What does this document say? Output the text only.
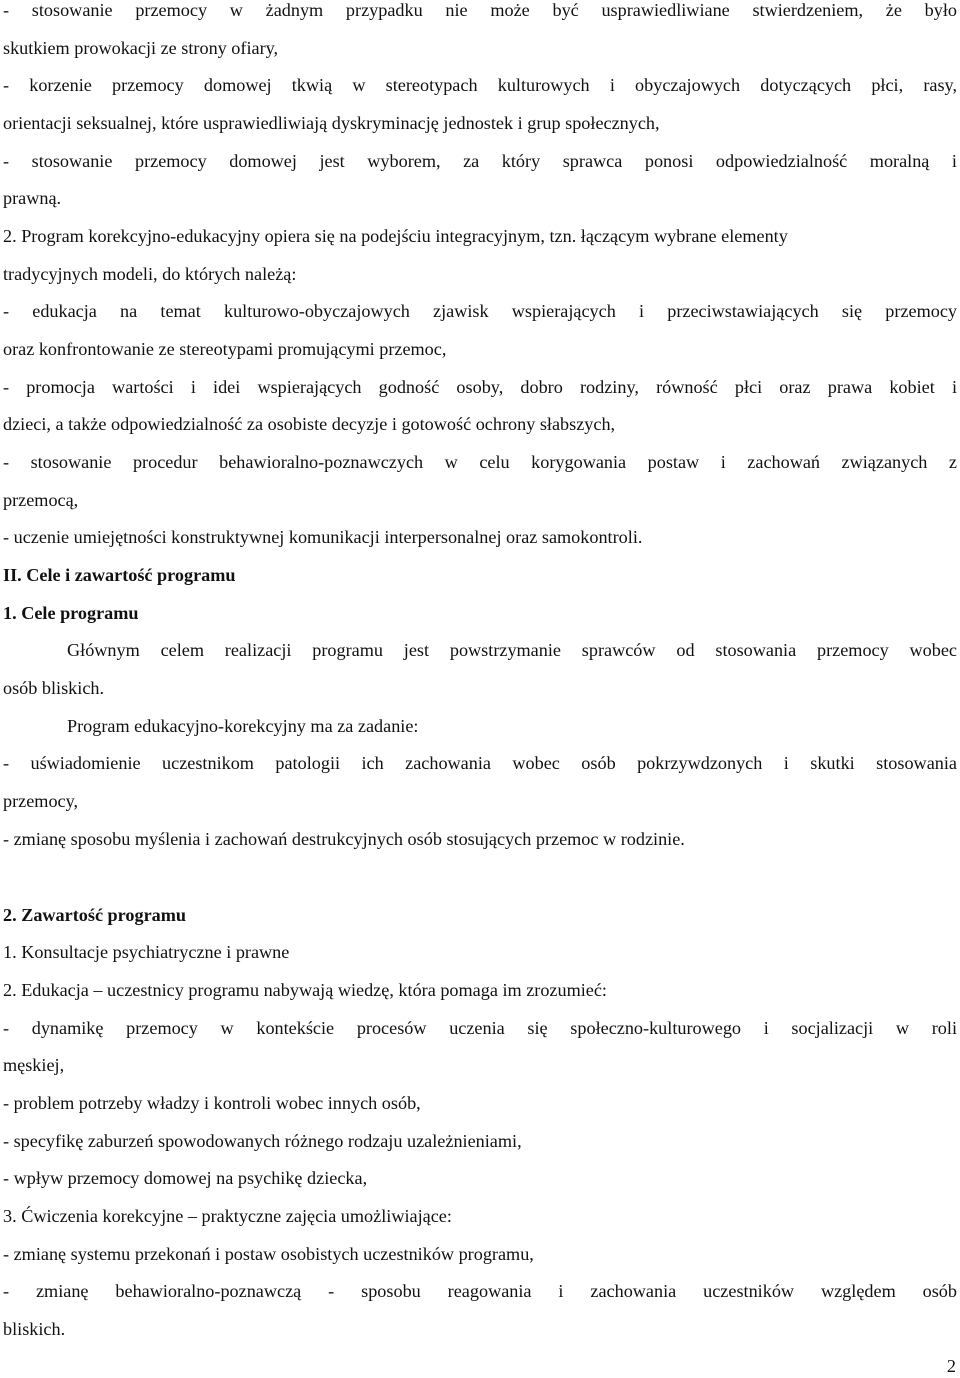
- stosowanie przemocy w żadnym przypadku nie może być usprawiedliwiane stwierdzeniem, że było
skutkiem prowokacji ze strony ofiary,
- korzenie przemocy domowej tkwią w stereotypach kulturowych i obyczajowych dotyczących płci, rasy,
orientacji seksualnej, które usprawiedliwiają dyskryminację jednostek i grup społecznych,
- stosowanie przemocy domowej jest wyborem, za który sprawca ponosi odpowiedzialność moralną i
prawną.
2. Program korekcyjno-edukacyjny opiera się na podejściu integracyjnym, tzn. łączącym wybrane elementy
tradycyjnych modeli, do których należą:
- edukacja na temat kulturowo-obyczajowych zjawisk wspierających i przeciwstawiających się przemocy
oraz konfrontowanie ze stereotypami promującymi przemoc,
- promocja wartości i idei wspierających godność osoby, dobro rodziny, równość płci oraz prawa kobiet i
dzieci, a także odpowiedzialność za osobiste decyzje i gotowość ochrony słabszych,
- stosowanie procedur behawioralno-poznawczych w celu korygowania postaw i zachowań związanych z
przemocą,
- uczenie umiejętności konstruktywnej komunikacji interpersonalnej oraz samokontroli.
II. Cele i zawartość programu
1. Cele programu
Głównym celem realizacji programu jest powstrzymanie sprawców od stosowania przemocy wobec
osób bliskich.
Program edukacyjno-korekcyjny ma za zadanie:
- uświadomienie uczestnikom patologii ich zachowania wobec osób pokrzywdzonych i skutki stosowania
przemocy,
- zmianę sposobu myślenia i zachowań destrukcyjnych osób stosujących przemoc w rodzinie.
2. Zawartość programu
1. Konsultacje psychiatryczne i prawne
2. Edukacja – uczestnicy programu nabywają wiedzę, która pomaga im zrozumieć:
- dynamikę przemocy w kontekście procesów uczenia się społeczno-kulturowego i socjalizacji w roli
męskiej,
- problem potrzeby władzy i kontroli wobec innych osób,
- specyfikę zaburzeń spowodowanych różnego rodzaju uzależnieniami,
- wpływ przemocy domowej na psychikę dziecka,
3. Ćwiczenia korekcyjne – praktyczne zajęcia umożliwiające:
- zmianę systemu przekonań i postaw osobistych uczestników programu,
- zmianę behawioralno-poznawczą - sposobu reagowania i zachowania uczestników względem osób
bliskich.
2
